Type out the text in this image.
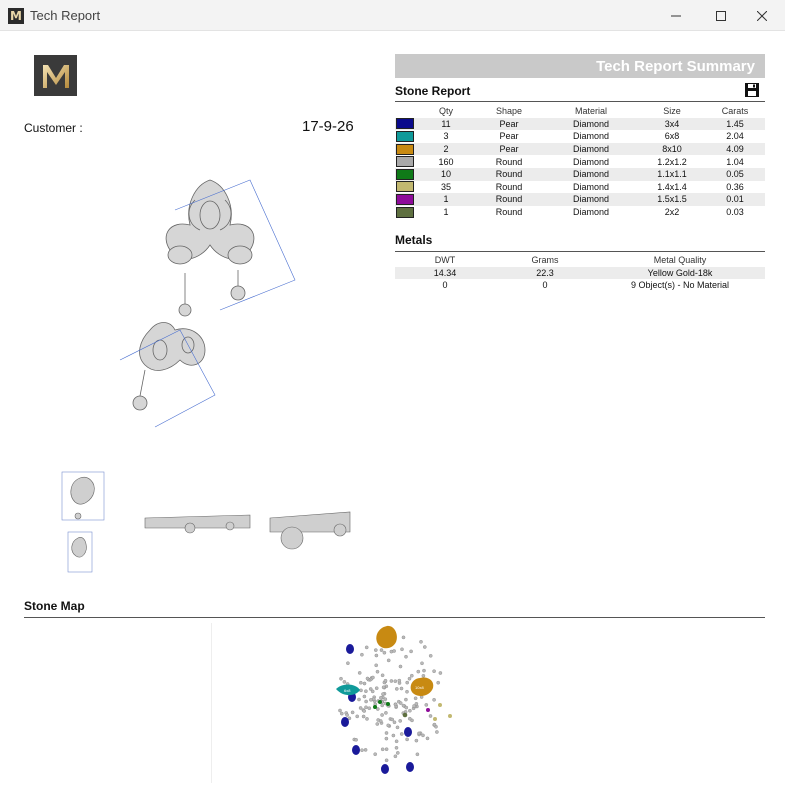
M Tech Report
Customer :	17-9-26
Tech Report Summary
Stone Report
	Qty	Shape	Material	Size	Carats

	11	Pear	Diamond	3x4	1.45

	3	Pear	Diamond	6x8	2.04

	2	Pear	Diamond	8x10	4.09

	160	Round	Diamond	1.2x1.2	1.04

	10	Round	Diamond	1.1x1.1	0.05

	35	Round	Diamond	1.4x1.4	0.36

	1	Round	Diamond	1.5x1.5	0.01

	1	Round	Diamond	2x2	0.03
Metals
DWT	Grams	Metal Quality
14.34	22.3	Yellow Gold-18k
0	0	9 Object(s) - No Material
Stone Map
6x8
10x8
